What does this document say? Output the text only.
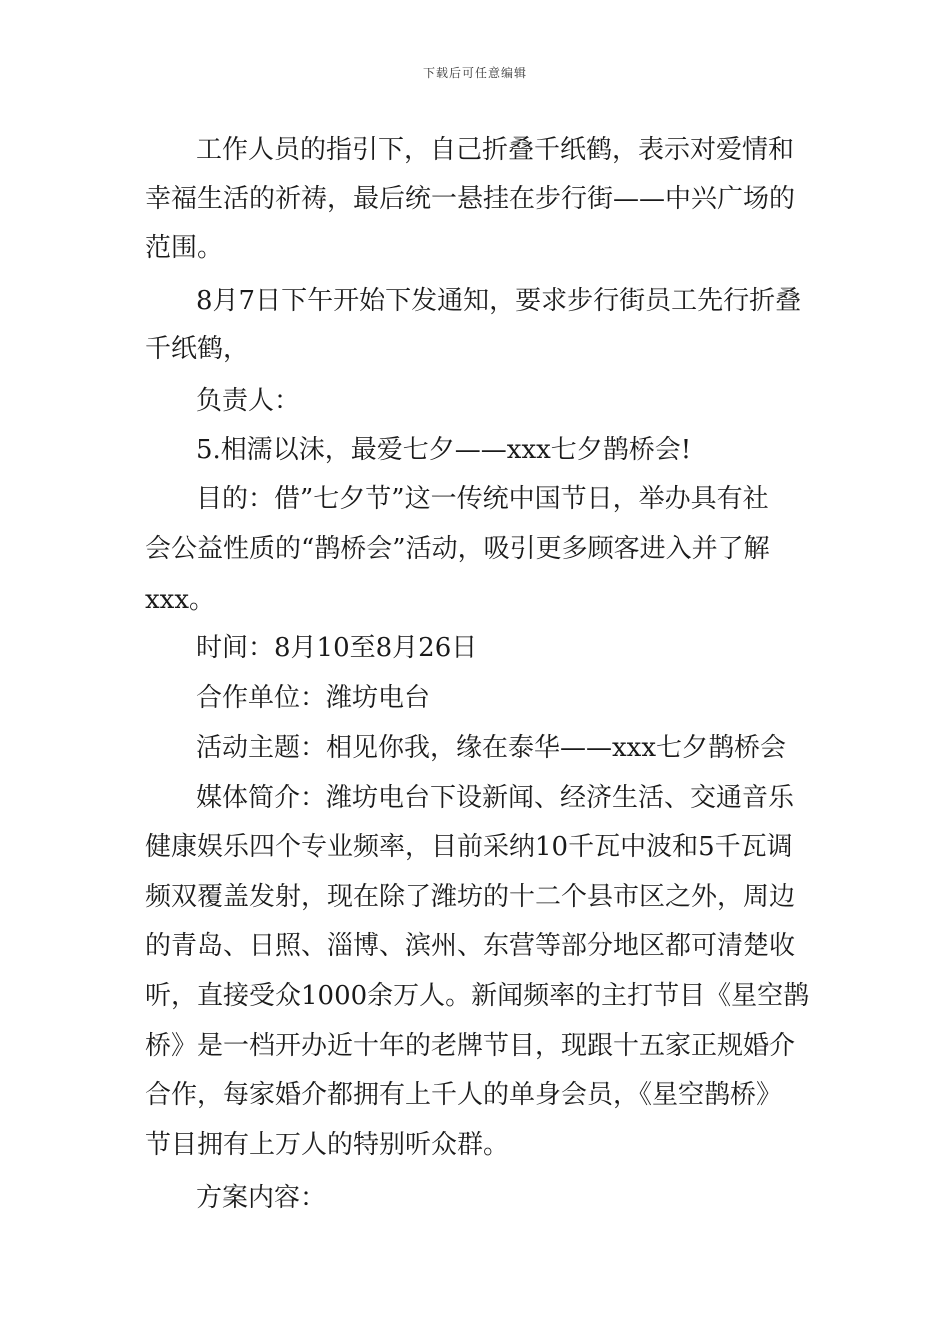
下载后可任意编辑
工作人员的指引下，自己折叠千纸鹤，表示对爱情和
幸福生活的祈祷，最后统一悬挂在步行街——中兴广场的
范围。
8月7日下午开始下发通知，要求步行街员工先行折叠
千纸鹤，
负责人：
5.相濡以沫，最爱七夕——xxx七夕鹊桥会!
目的：借”七夕节”这一传统中国节日，举办具有社
会公益性质的“鹊桥会”活动，吸引更多顾客进入并了解
xxx。
时间：8月10至8月26日
合作单位：潍坊电台
活动主题：相见你我，缘在泰华——xxx七夕鹊桥会
媒体简介：潍坊电台下设新闻、经济生活、交通音乐
健康娱乐四个专业频率，目前采纳10千瓦中波和5千瓦调
频双覆盖发射，现在除了潍坊的十二个县市区之外，周边
的青岛、日照、淄博、滨州、东营等部分地区都可清楚收
听，直接受众1000余万人。新闻频率的主打节目《星空鹊
桥》是一档开办近十年的老牌节目，现跟十五家正规婚介
合作，每家婚介都拥有上千人的单身会员，《星空鹊桥》
节目拥有上万人的特别听众群。
方案内容：
